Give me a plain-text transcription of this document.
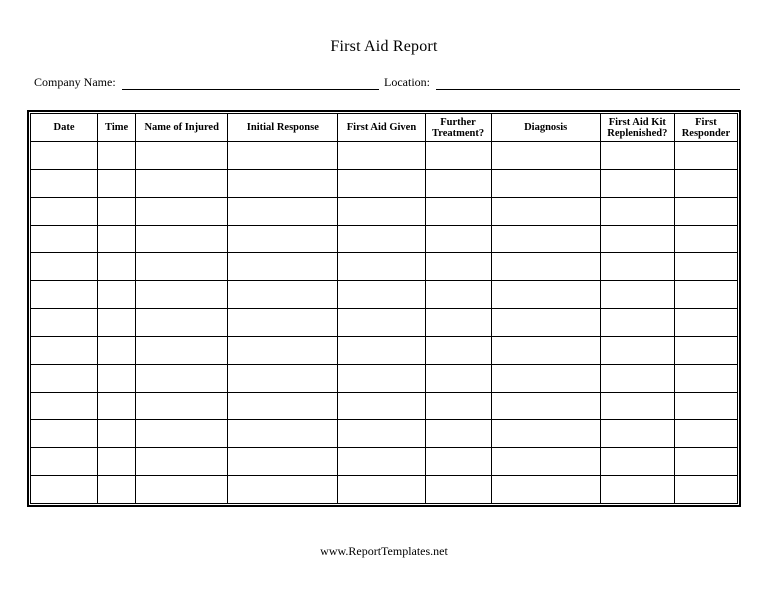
First Aid Report
Company Name:	Location:
Date	Time	Name of Injured	Initial Response	First Aid Given	Further Treatment?	Diagnosis	First Aid Kit Replenished?	First Responder

www.ReportTemplates.net
